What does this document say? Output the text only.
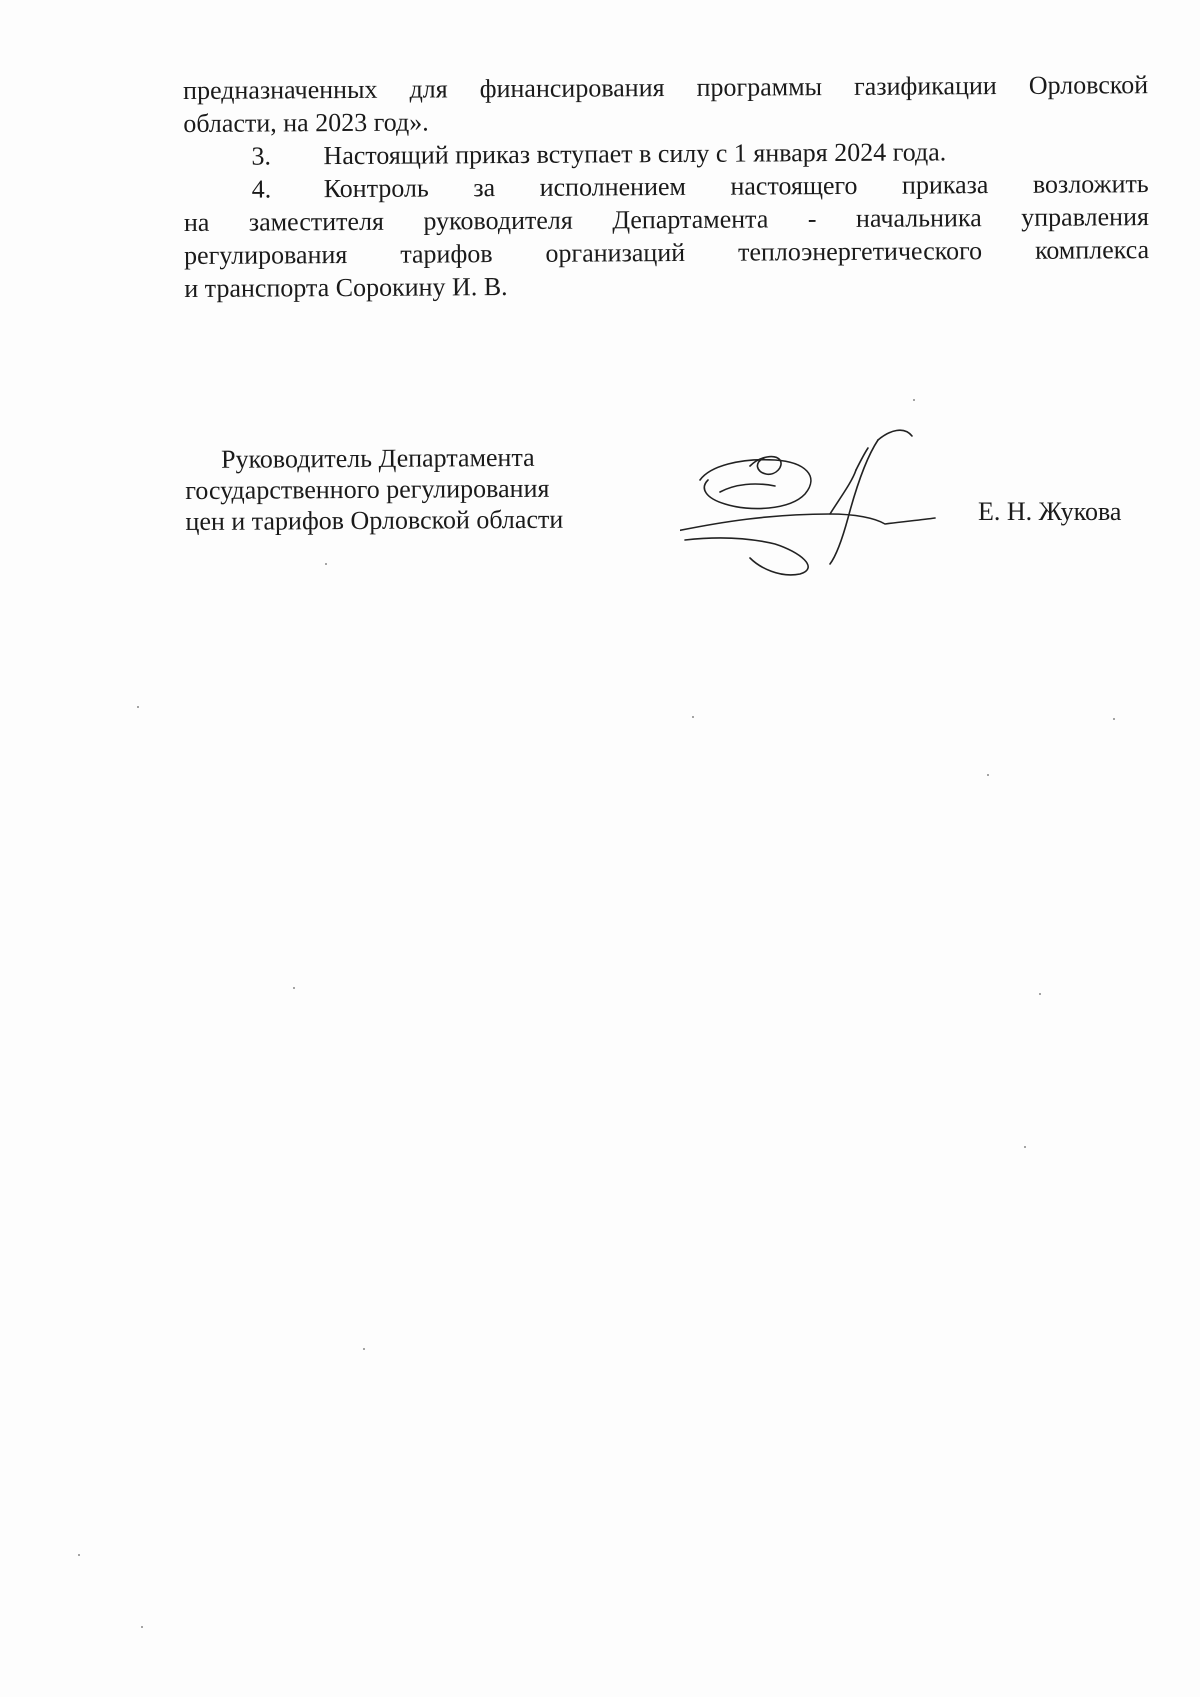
предназначенных для финансирования программы газификации Орловской
области, на 2023 год».
3.	Настоящий приказ вступает в силу с 1 января 2024 года.
4.	Контроль за исполнением настоящего приказа возложить
на заместителя руководителя Департамента - начальника управления
регулирования тарифов организаций теплоэнергетического комплекса
и транспорта Сорокину И. В.
Руководитель Департамента
государственного регулирования
цен и тарифов Орловской области	Е. Н. Жукова
